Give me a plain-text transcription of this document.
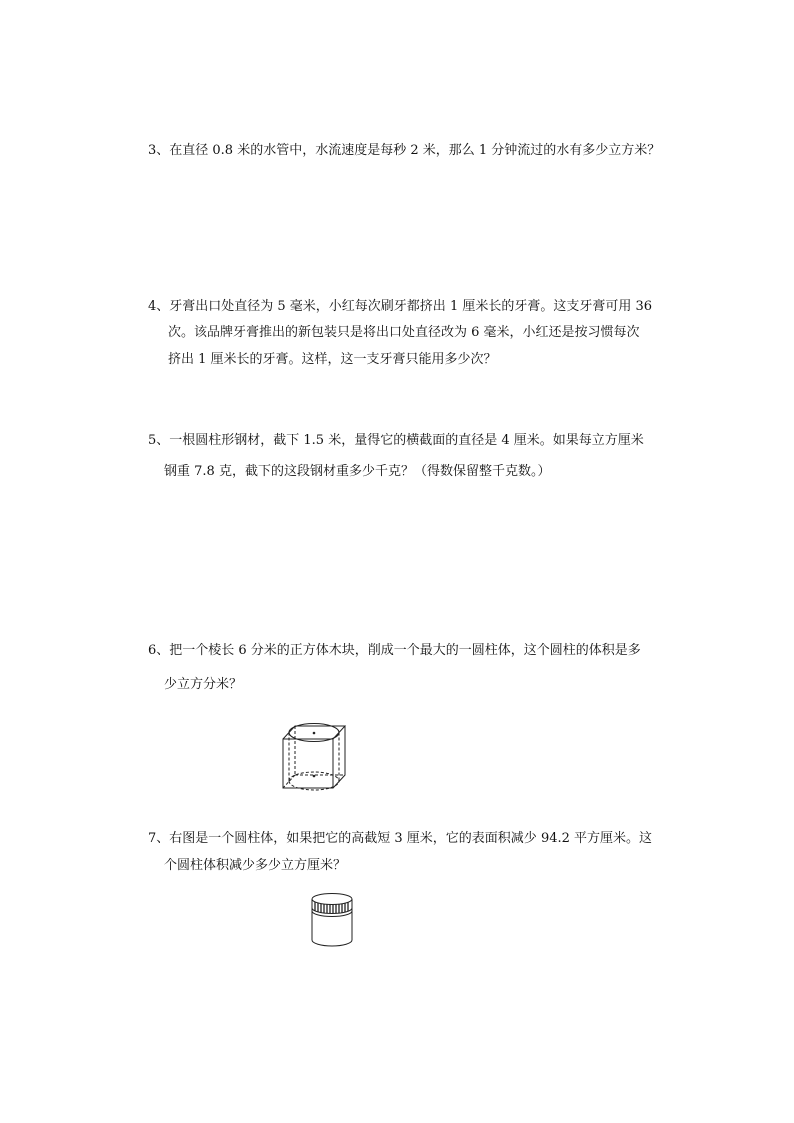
3、在直径 0.8 米的水管中，水流速度是每秒 2 米，那么 1 分钟流过的水有多少立方米？

4、牙膏出口处直径为 5 毫米，小红每次刷牙都挤出 1 厘米长的牙膏。这支牙膏可用 36

次。该品牌牙膏推出的新包装只是将出口处直径改为 6 毫米，小红还是按习惯每次

挤出 1 厘米长的牙膏。这样，这一支牙膏只能用多少次？

5、一根圆柱形钢材，截下 1.5 米，量得它的横截面的直径是 4 厘米。如果每立方厘米

钢重 7.8 克，截下的这段钢材重多少千克？（得数保留整千克数。）

6、把一个棱长 6 分米的正方体木块，削成一个最大的一圆柱体，这个圆柱的体积是多

少立方分米？

7、右图是一个圆柱体，如果把它的高截短 3 厘米，它的表面积减少 94.2 平方厘米。这

个圆柱体积减少多少立方厘米？
